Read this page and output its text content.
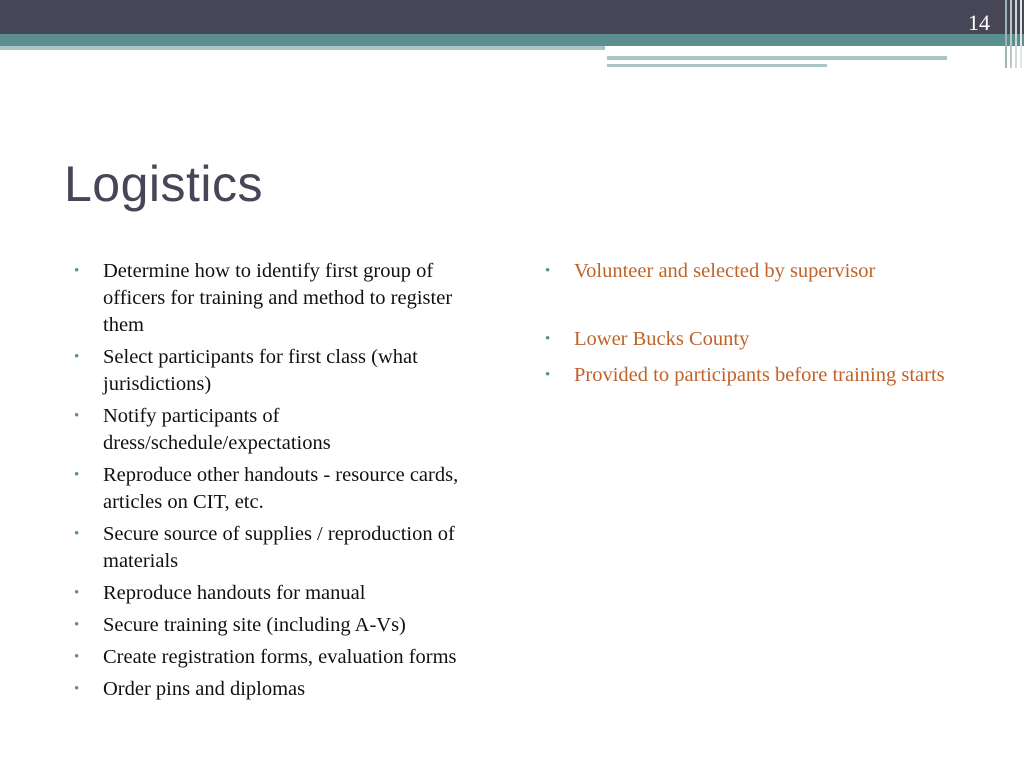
14
Logistics
• Determine how to identify first group of officers for training and method to register them
• Select participants for first class (what jurisdictions)
• Notify participants of dress/schedule/expectations
• Reproduce other handouts - resource cards, articles on CIT, etc.
• Secure source of supplies / reproduction of materials
• Reproduce handouts for manual
• Secure training site (including A-Vs)
• Create registration forms, evaluation forms
• Order pins and diplomas
• Volunteer and selected by supervisor
• Lower Bucks County
• Provided to participants before training starts
